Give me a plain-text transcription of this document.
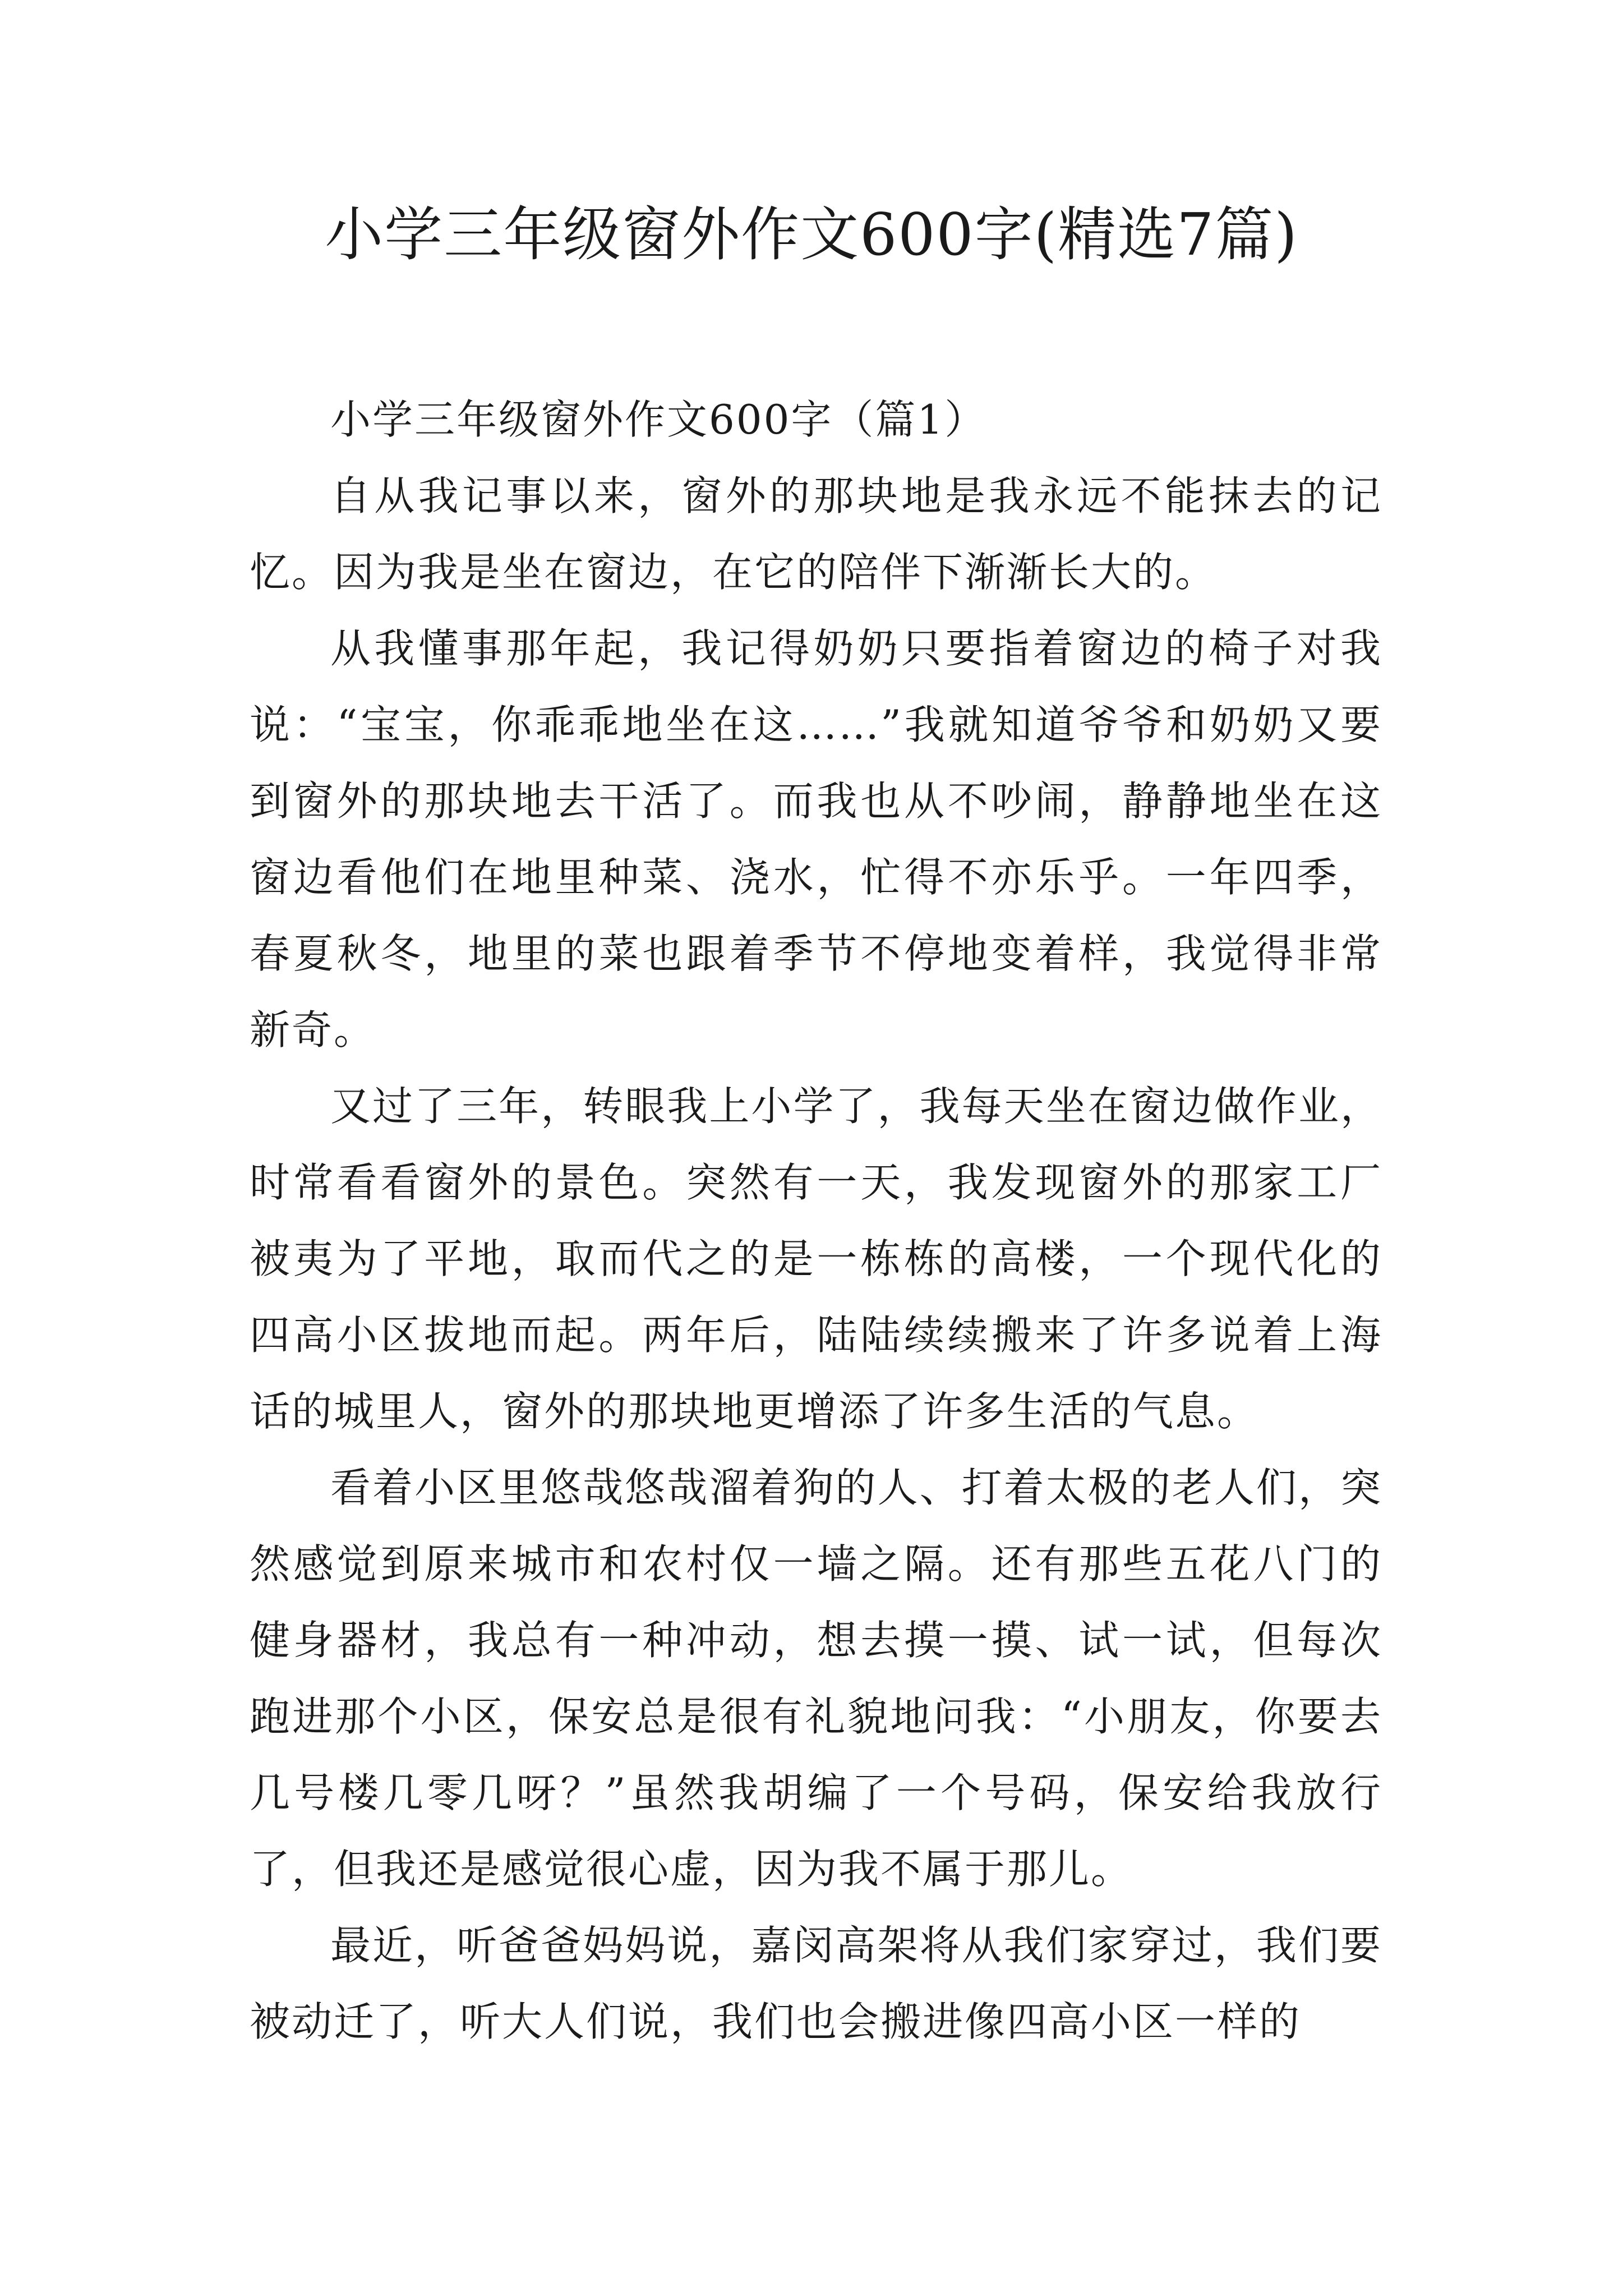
小学三年级窗外作文600字(精选7篇)

小学三年级窗外作文600字（篇1）

自从我记事以来，窗外的那块地是我永远不能抹去的记忆。因为我是坐在窗边，在它的陪伴下渐渐长大的。

从我懂事那年起，我记得奶奶只要指着窗边的椅子对我说：“宝宝，你乖乖地坐在这……”我就知道爷爷和奶奶又要到窗外的那块地去干活了。而我也从不吵闹，静静地坐在这窗边看他们在地里种菜、浇水，忙得不亦乐乎。一年四季，春夏秋冬，地里的菜也跟着季节不停地变着样，我觉得非常新奇。

又过了三年，转眼我上小学了，我每天坐在窗边做作业，时常看看窗外的景色。突然有一天，我发现窗外的那家工厂被夷为了平地，取而代之的是一栋栋的高楼，一个现代化的四高小区拔地而起。两年后，陆陆续续搬来了许多说着上海话的城里人，窗外的那块地更增添了许多生活的气息。

看着小区里悠哉悠哉溜着狗的人、打着太极的老人们，突然感觉到原来城市和农村仅一墙之隔。还有那些五花八门的健身器材，我总有一种冲动，想去摸一摸、试一试，但每次跑进那个小区，保安总是很有礼貌地问我：“小朋友，你要去几号楼几零几呀？”虽然我胡编了一个号码，保安给我放行了，但我还是感觉很心虚，因为我不属于那儿。

最近，听爸爸妈妈说，嘉闵高架将从我们家穿过，我们要被动迁了，听大人们说，我们也会搬进像四高小区一样的
